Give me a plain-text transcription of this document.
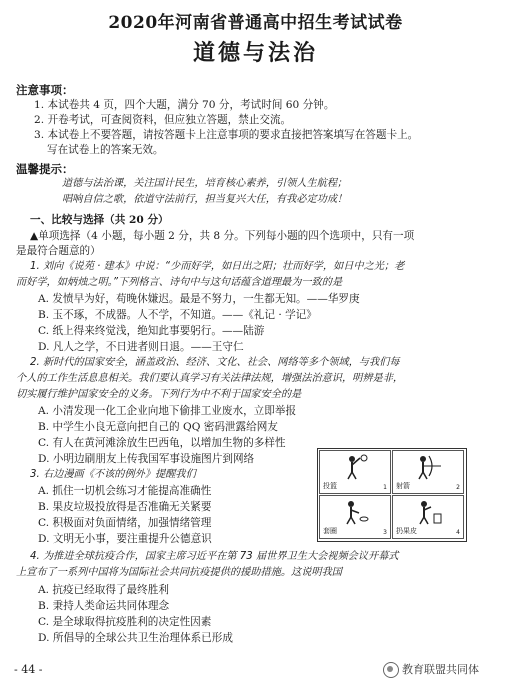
2020年河南省普通高中招生考试试卷
道德与法治
注意事项：
1. 本试卷共 4 页，四个大题，满分 70 分，考试时间 60 分钟。
2. 开卷考试，可查阅资料，但应独立答题，禁止交流。
3. 本试卷上不要答题，请按答题卡上注意事项的要求直接把答案填写在答题卡上。
写在试卷上的答案无效。
温馨提示：
道德与法治课，关注国计民生，培育核心素养，引领人生航程；
唱响自信之歌，依道守法前行，担当复兴大任，有我必定功成！
一、比较与选择（共 20 分）
▲单项选择（4 小题，每小题 2 分，共 8 分。下列每小题的四个选项中，只有一项
是最符合题意的）
1. 刘向《说苑 · 建本》中说：“少而好学，如日出之阳；壮而好学，如日中之光；老
而好学，如炳烛之明。”下列格言、诗句中与这句话蕴含道理最为一致的是
A. 发愤早为好，苟晚休嫌迟。最是不努力，一生都无知。——华罗庚
B. 玉不琢，不成器。人不学，不知道。——《礼记 · 学记》
C. 纸上得来终觉浅，绝知此事要躬行。——陆游
D. 凡人之学，不日进者则日退。——王守仁
2. 新时代的国家安全，涵盖政治、经济、文化、社会、网络等多个领域，与我们每
个人的工作生活息息相关。我们要认真学习有关法律法规，增强法治意识，明辨是非，
切实履行维护国家安全的义务。下列行为中不利于国家安全的是
A. 小清发现一化工企业向地下偷排工业废水，立即举报
B. 中学生小良无意向把自己的 QQ 密码泄露给网友
C. 有人在黄河滩涂放生巴西龟，以增加生物的多样性
D. 小明边刷朋友上传我国军事设施图片到网络
3. 右边漫画《不该的例外》提醒我们
A. 抓住一切机会练习才能提高准确性
B. 果皮垃圾投放得是否准确无关紧要
C. 积极面对负面情绪，加强情绪管理
D. 文明无小事，要注重提升公德意识
投篮	1 射箭	2
套圈	3 扔果皮	4
4. 为推进全球抗疫合作，国家主席习近平在第 73 届世界卫生大会视频会议开幕式
上宣布了一系列中国将为国际社会共同抗疫提供的援助措施。这说明我国
A. 抗疫已经取得了最终胜利
B. 秉持人类命运共同体理念
C. 是全球取得抗疫胜利的决定性因素
D. 所倡导的全球公共卫生治理体系已形成
- 44 -	教育联盟共同体
